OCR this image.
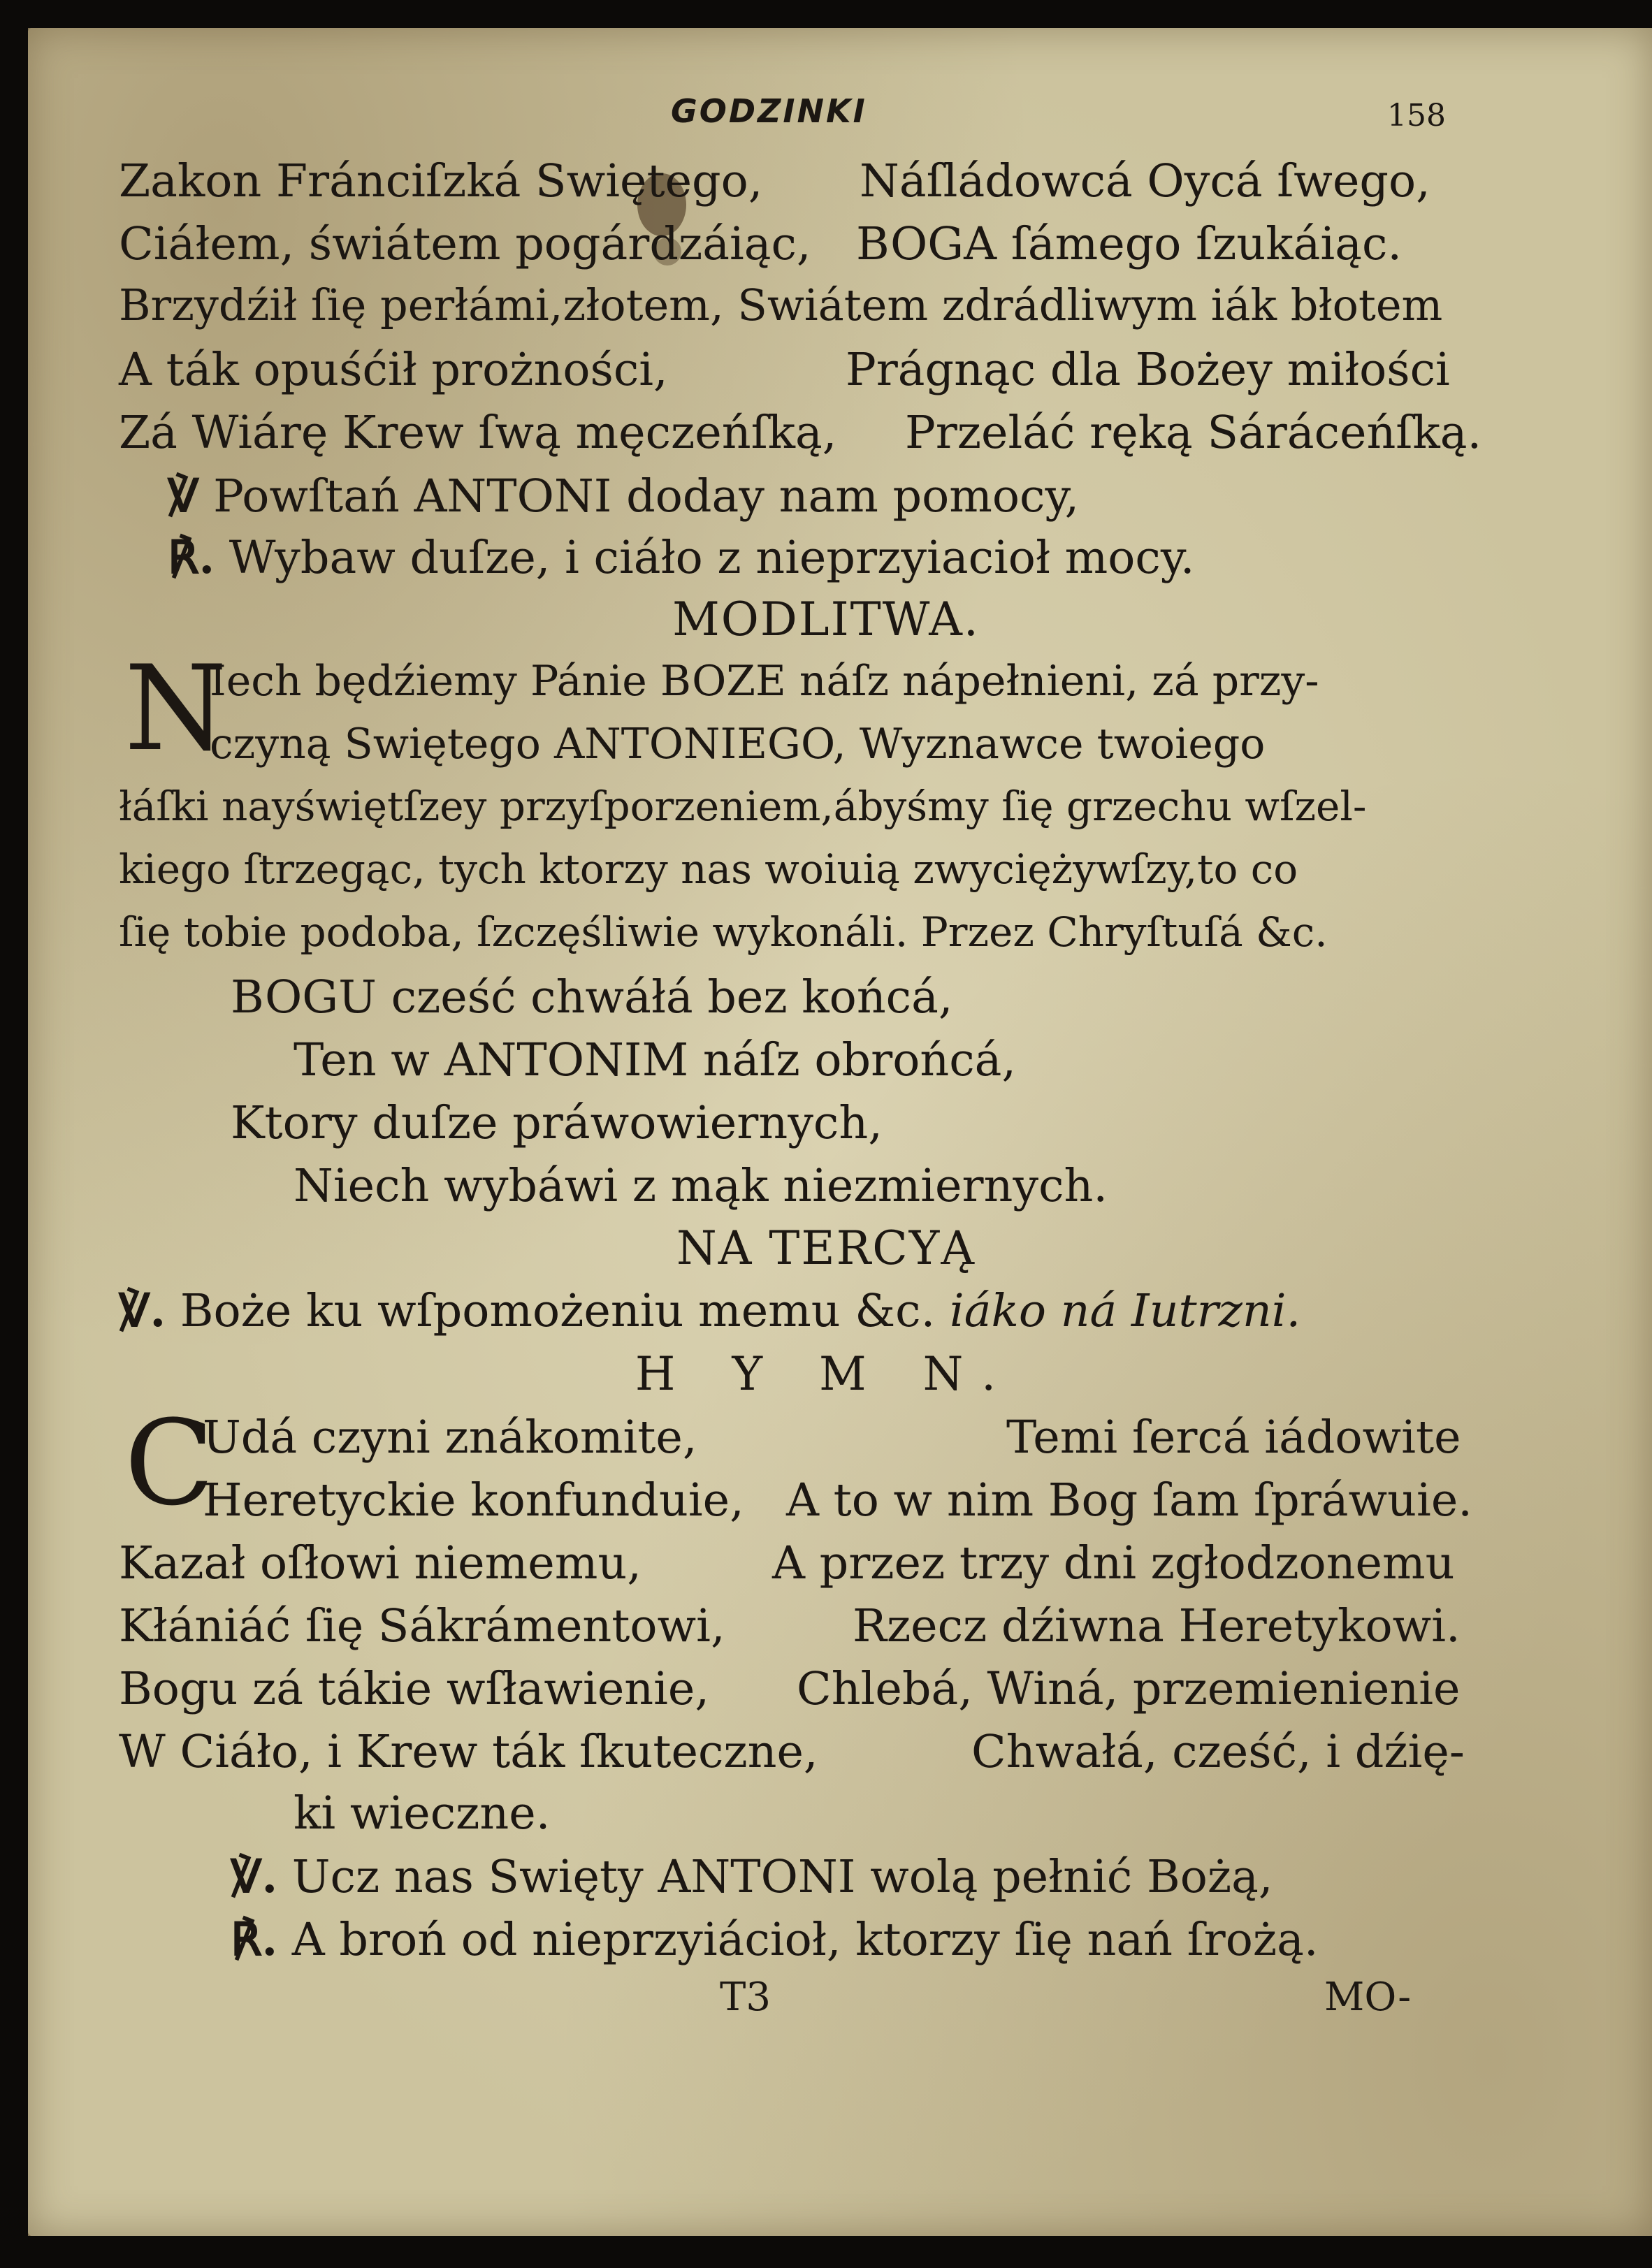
GODZINKI	158
Zakon Fránciſzká Swiętego, Náſládowcá Oycá ſwego,
Ciáłem, świátem pogárdzáiąc, BOGA ſámego ſzukáiąc.
Brzydźił ſię perłámi,złotem, Swiátem zdrádliwym iák błotem
A ták opuśćił prożności,	Prágnąc dla Bożey miłości
Zá Wiárę Krew ſwą męczeńſką, Przeláć ręką Sáráceńſką.
℣ Powſtań ANTONI doday nam pomocy,
℟. Wybaw duſze, i ciáło z nieprzyiacioł mocy.
MODLITWA.
N
Iech będźiemy Pánie BOZE náſz nápełnieni, zá przy-
czyną Swiętego ANTONIEGO, Wyznawce twoiego
łáſki nayświętſzey przyſporzeniem,ábyśmy ſię grzechu wſzel-
kiego ſtrzegąc, tych ktorzy nas woiuią zwyciężywſzy,to co
ſię tobie podoba, ſzczęśliwie wykonáli. Przez Chryſtuſá &c.
BOGU cześć chwáłá bez końcá,
Ten w ANTONIM náſz obrońcá,
Ktory duſze práwowiernych,
Niech wybáwi z mąk niezmiernych.
NA TERCYĄ
℣. Boże ku wſpomożeniu memu &c. iáko ná Iutrzni.
H Y M N.
C
Udá czyni znákomite,	Temi ſercá iádowite
Heretyckie konfunduie, A to w nim Bog ſam ſpráwuie.
Kazał oſłowi niememu,	A przez trzy dni zgłodzonemu
Kłániáć ſię Sákrámentowi,	Rzecz dźiwna Heretykowi.
Bogu zá tákie wſławienie, Chlebá, Winá, przemienienie
W Ciáło, i Krew ták ſkuteczne,	Chwałá, cześć, i dźię-
ki wieczne.
℣. Ucz nas Swięty ANTONI wolą pełnić Bożą,
℟. A broń od nieprzyiácioł, ktorzy ſię nań ſrożą.
T3	MO-
